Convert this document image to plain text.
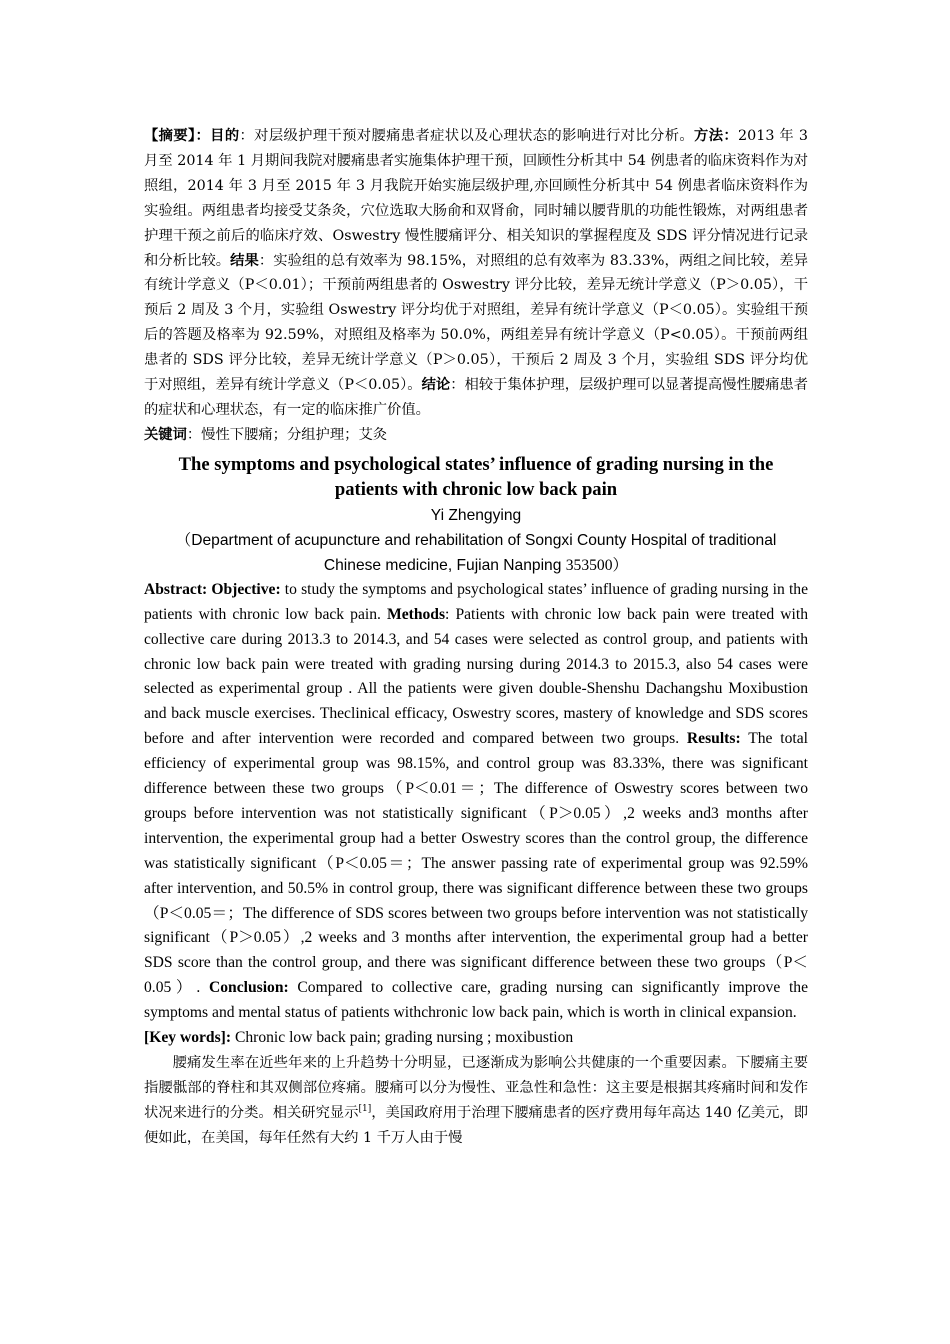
【摘要】：目的：对层级护理干预对腰痛患者症状以及心理状态的影响进行对比分析。方法：2013 年 3 月至 2014 年 1 月期间我院对腰痛患者实施集体护理干预，回顾性分析其中 54 例患者的临床资料作为对照组，2014 年 3 月至 2015 年 3 月我院开始实施层级护理,亦回顾性分析其中 54 例患者临床资料作为实验组。两组患者均接受艾条灸，穴位选取大肠俞和双肾俞，同时辅以腰背肌的功能性锻炼，对两组患者护理干预之前后的临床疗效、Oswestry 慢性腰痛评分、相关知识的掌握程度及 SDS 评分情况进行记录和分析比较。结果：实验组的总有效率为 98.15%，对照组的总有效率为 83.33%，两组之间比较，差异有统计学意义（P＜0.01）；干预前两组患者的 Oswestry 评分比较，差异无统计学意义（P＞0.05），干预后 2 周及 3 个月，实验组 Oswestry 评分均优于对照组，差异有统计学意义（P＜0.05）。实验组干预后的答题及格率为 92.59%，对照组及格率为 50.0%，两组差异有统计学意义（P<0.05）。干预前两组患者的 SDS 评分比较，差异无统计学意义（P＞0.05），干预后 2 周及 3 个月，实验组 SDS 评分均优于对照组，差异有统计学意义（P＜0.05）。结论：相较于集体护理，层级护理可以显著提高慢性腰痛患者的症状和心理状态，有一定的临床推广价值。

关键词：慢性下腰痛；分组护理；艾灸

The symptoms and psychological states’ influence of grading nursing in the
patients with chronic low back pain

Yi Zhengying

（Department of acupuncture and rehabilitation of Songxi County Hospital of traditional
Chinese medicine, Fujian Nanping 353500）

Abstract: Objective: to study the symptoms and psychological states’ influence of grading nursing in the patients with chronic low back pain. Methods: Patients with chronic low back pain were treated with collective care during 2013.3 to 2014.3, and 54 cases were selected as control group, and patients with chronic low back pain were treated with grading nursing during 2014.3 to 2015.3, also 54 cases were selected as experimental group . All the patients were given double-Shenshu Dachangshu Moxibustion and back muscle exercises. Theclinical efficacy, Oswestry scores, mastery of knowledge and SDS scores before and after intervention were recorded and compared between two groups. Results: The total efficiency of experimental group was 98.15%, and control group was 83.33%, there was significant difference between these two groups（P＜0.01＝；The difference of Oswestry scores between two groups before intervention was not statistically significant（P＞0.05）,2 weeks and3 months after intervention, the experimental group had a better Oswestry scores than the control group, the difference was statistically significant（P＜0.05＝；The answer passing rate of experimental group was 92.59% after intervention, and 50.5% in control group, there was significant difference between these two groups（P＜0.05＝；The difference of SDS scores between two groups before intervention was not statistically significant（P＞0.05）,2 weeks and 3 months after intervention, the experimental group had a better SDS score than the control group, and there was significant difference between these two groups（P＜0.05）. Conclusion: Compared to collective care, grading nursing can significantly improve the symptoms and mental status of patients withchronic low back pain, which is worth in clinical expansion.

[Key words]: Chronic low back pain; grading nursing ; moxibustion

腰痛发生率在近些年来的上升趋势十分明显，已逐渐成为影响公共健康的一个重要因素。下腰痛主要指腰骶部的脊柱和其双侧部位疼痛。腰痛可以分为慢性、亚急性和急性：这主要是根据其疼痛时间和发作状况来进行的分类。相关研究显示[1]，美国政府用于治理下腰痛患者的医疗费用每年高达 140 亿美元，即便如此，在美国，每年任然有大约 1 千万人由于慢
